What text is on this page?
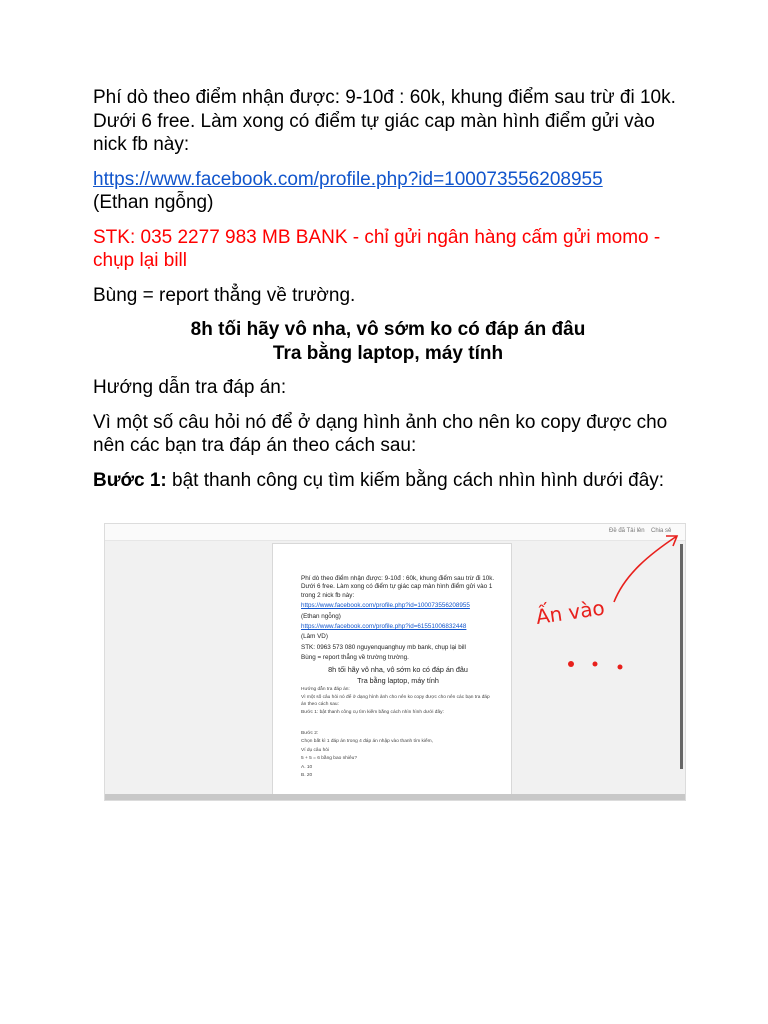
Phí dò theo điểm nhận được: 9-10đ : 60k, khung điểm sau trừ đi 10k. Dưới 6 free. Làm xong có điểm tự giác cap màn hình điểm gửi vào nick fb này:

https://www.facebook.com/profile.php?id=100073556208955
(Ethan ngỗng)

STK: 035 2277 983 MB BANK - chỉ gửi ngân hàng cấm gửi momo - chụp lại bill

Bùng = report thẳng về trường.

8h tối hãy vô nha, vô sớm ko có đáp án đâu
Tra bằng laptop, máy tính

Hướng dẫn tra đáp án:

Vì một số câu hỏi nó để ở dạng hình ảnh cho nên ko copy được cho nên các bạn tra đáp án theo cách sau:

Bước 1: bật thanh công cụ tìm kiếm bằng cách nhìn hình dưới đây:

Đề đã Tải lên Chia sẻ
Phí dò theo điểm nhận được: 9-10đ : 60k, khung điểm sau trừ đi 10k. Dưới 6 free. Làm xong có điểm tự giác cap màn hình điểm gửi vào 1 trong 2 nick fb này:
https://www.facebook.com/profile.php?id=100073556208955
(Ethan ngỗng)
https://www.facebook.com/profile.php?id=61551006832448
(Lâm VD)
STK: 0963 573 080 nguyenquanghuy mb bank, chụp lại bill
Bùng = report thẳng về trường trường.
8h tối hãy vô nha, vô sớm ko có đáp án đâu
Tra bằng laptop, máy tính
Hướng dẫn tra đáp án:
Vì một số câu hỏi nó để ở dạng hình ảnh cho nên ko copy được cho nên các bạn tra đáp án theo cách sau:
Bước 1: bật thanh công cụ tìm kiếm bằng cách nhìn hình dưới đây:
Bước 2:
Chọn bất kì 1 đáp án trong 4 đáp án nhập vào thanh tìm kiếm,
Ví dụ câu hỏi
5 + 5 = 6 bằng bao nhiêu?
A. 10
B. 20
Ấn vào
